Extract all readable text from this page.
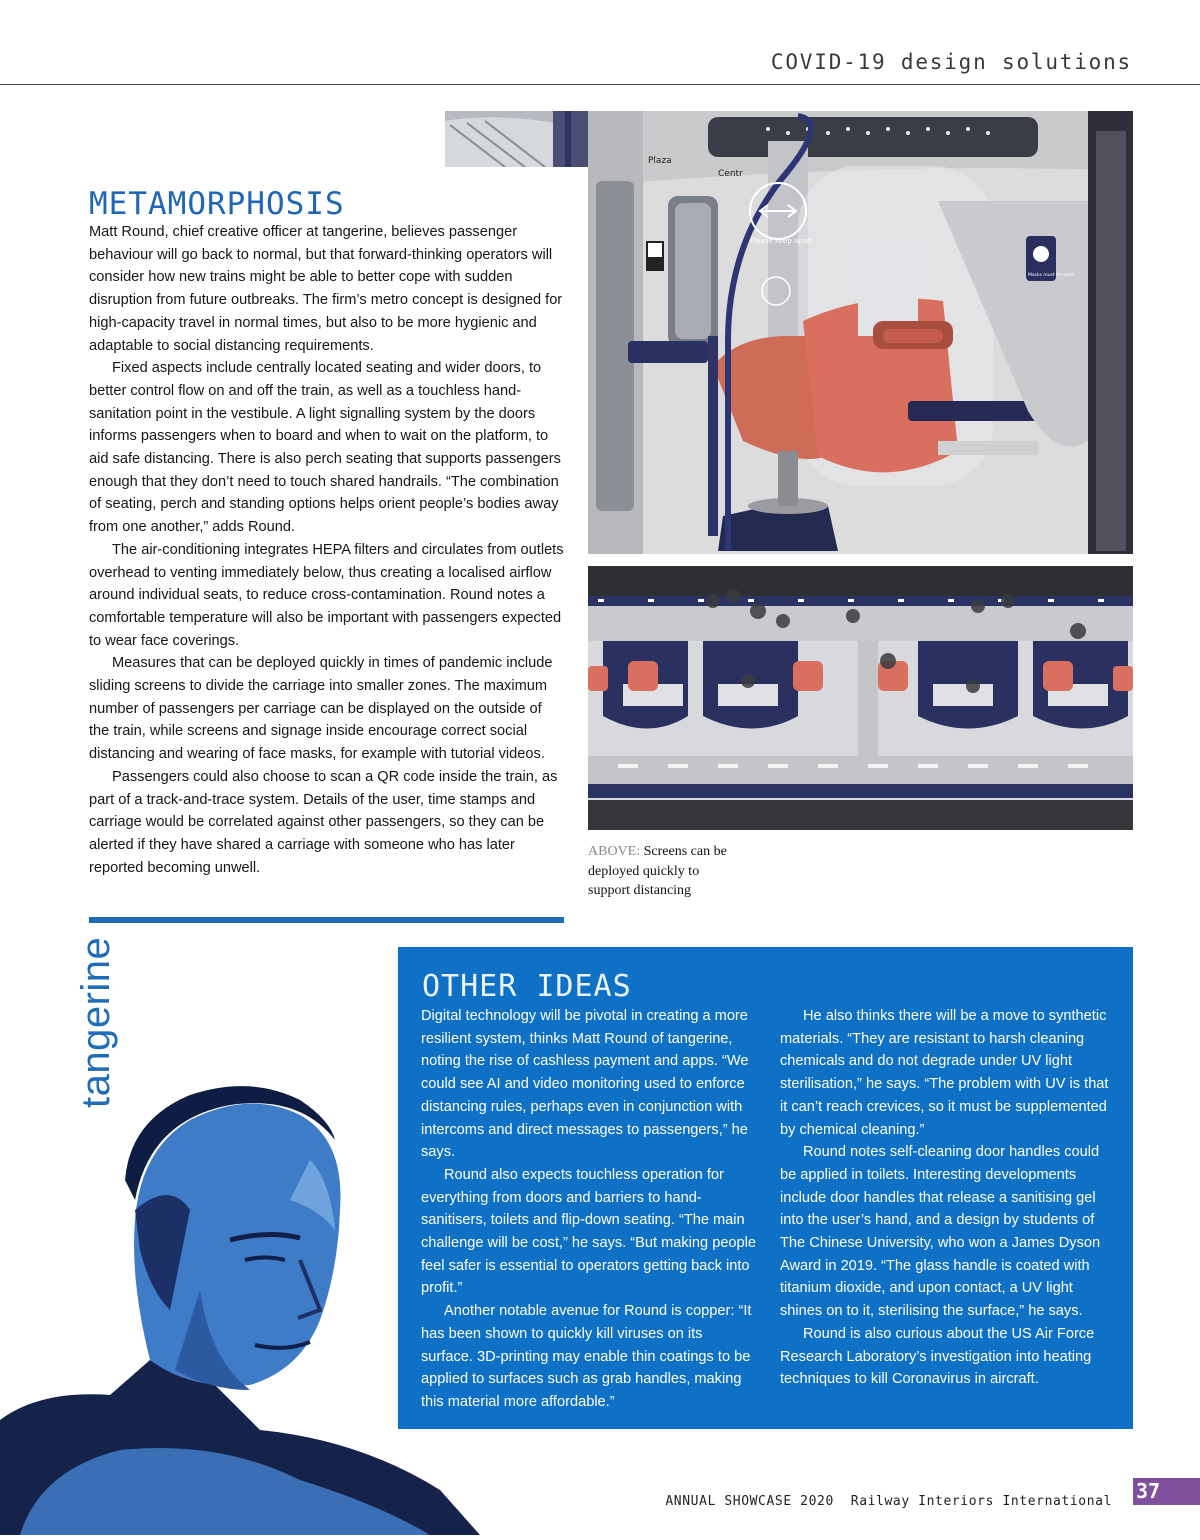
COVID-19 design solutions
Please keep apart
Masks must be worn
Plaza
Centr
METAMORPHOSIS

Matt Round, chief creative officer at tangerine, believes passenger behaviour will go back to normal, but that forward-thinking operators will consider how new trains might be able to better cope with sudden disruption from future outbreaks. The firm’s metro concept is designed for high-capacity travel in normal times, but also to be more hygienic and adaptable to social distancing requirements.

Fixed aspects include centrally located seating and wider doors, to better control flow on and off the train, as well as a touchless hand-sanitation point in the vestibule. A light signalling system by the doors informs passengers when to board and when to wait on the platform, to aid safe distancing. There is also perch seating that supports passengers enough that they don’t need to touch shared handrails. “The combination of seating, perch and standing options helps orient people’s bodies away from one another,” adds Round.

The air-conditioning integrates HEPA filters and circulates from outlets overhead to venting immediately below, thus creating a localised airflow around individual seats, to reduce cross-contamination. Round notes a comfortable temperature will also be important with passengers expected to wear face coverings.

Measures that can be deployed quickly in times of pandemic include sliding screens to divide the carriage into smaller zones. The maximum number of passengers per carriage can be displayed on the outside of the train, while screens and signage inside encourage correct social distancing and wearing of face masks, for example with tutorial videos.

Passengers could also choose to scan a QR code inside the train, as part of a track-and-trace system. Details of the user, time stamps and carriage would be correlated against other passengers, so they can be alerted if they have shared a carriage with someone who has later reported becoming unwell.

ABOVE: Screens can be deployed quickly to support distancing
tangerine	OTHER IDEAS

Digital technology will be pivotal in creating a more resilient system, thinks Matt Round of tangerine, noting the rise of cashless payment and apps. “We could see AI and video monitoring used to enforce distancing rules, perhaps even in conjunction with intercoms and direct messages to passengers,” he says.

Round also expects touchless operation for everything from doors and barriers to hand-sanitisers, toilets and flip-down seating. “The main challenge will be cost,” he says. “But making people feel safer is essential to operators getting back into profit.”

Another notable avenue for Round is copper: “It has been shown to quickly kill viruses on its surface. 3D-printing may enable thin coatings to be applied to surfaces such as grab handles, making this material more affordable.”

He also thinks there will be a move to synthetic materials. “They are resistant to harsh cleaning chemicals and do not degrade under UV light sterilisation,” he says. “The problem with UV is that it can’t reach crevices, so it must be supplemented by chemical cleaning.”

Round notes self-cleaning door handles could be applied in toilets. Interesting developments include door handles that release a sanitising gel into the user’s hand, and a design by students of The Chinese University, who won a James Dyson Award in 2019. “The glass handle is coated with titanium dioxide, and upon contact, a UV light shines on to it, sterilising the surface,” he says.

Round is also curious about the US Air Force Research Laboratory’s investigation into heating techniques to kill Coronavirus in aircraft.

ANNUAL SHOWCASE 2020 Railway Interiors International 37
